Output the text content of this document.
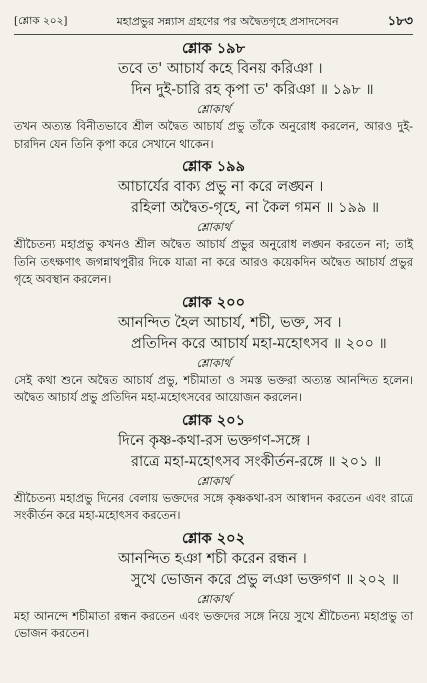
[শ্লোক ২০২]	মহাপ্রভুর সন্ন্যাস গ্রহণের পর অদ্বৈতগৃহে প্রসাদসেবন	১৮৩
শ্লোক ১৯৮
তবে ত' আচার্য কহে বিনয় করিঞা ।
দিন দুই-চারি রহ কৃপা ত' করিঞা ॥ ১৯৮ ॥
শ্লোকার্থ
তখন অত্যন্ত বিনীতভাবে শ্রীল অদ্বৈত আচার্য প্রভু তাঁকে অনুরোধ করলেন, আরও দুই-চারদিন যেন তিনি কৃপা করে সেখানে থাকেন।
শ্লোক ১৯৯
আচার্যের বাক্য প্রভু না করে লঙ্ঘন ।
রহিলা অদ্বৈত-গৃহে, না কৈল গমন ॥ ১৯৯ ॥
শ্লোকার্থ
শ্রীচৈতন্য মহাপ্রভু কখনও শ্রীল অদ্বৈত আচার্য প্রভুর অনুরোধ লঙ্ঘন করতেন না; তাই তিনি তৎক্ষণাৎ জগন্নাথপুরীর দিকে যাত্রা না করে আরও কয়েকদিন অদ্বৈত আচার্য প্রভুর গৃহে অবস্থান করলেন।
শ্লোক ২০০
আনন্দিত হৈল আচার্য, শচী, ভক্ত, সব ।
প্রতিদিন করে আচার্য মহা-মহোৎসব ॥ ২০০ ॥
শ্লোকার্থ
সেই কথা শুনে অদ্বৈত আচার্য প্রভু, শচীমাতা ও সমস্ত ভক্তরা অত্যন্ত আনন্দিত হলেন। অদ্বৈত আচার্য প্রভু প্রতিদিন মহা-মহোৎসবের আয়োজন করলেন।
শ্লোক ২০১
দিনে কৃষ্ণ-কথা-রস ভক্তগণ-সঙ্গে ।
রাত্রে মহা-মহোৎসব সংকীর্তন-রঙ্গে ॥ ২০১ ॥
শ্লোকার্থ
শ্রীচৈতন্য মহাপ্রভু দিনের বেলায় ভক্তদের সঙ্গে কৃষ্ণকথা-রস আস্বাদন করতেন এবং রাত্রে সংকীর্তন করে মহা-মহোৎসব করতেন।
শ্লোক ২০২
আনন্দিত হঞা শচী করেন রন্ধন ।
সুখে ভোজন করে প্রভু লঞা ভক্তগণ ॥ ২০২ ॥
শ্লোকার্থ
মহা আনন্দে শচীমাতা রন্ধন করতেন এবং ভক্তদের সঙ্গে নিয়ে সুখে শ্রীচৈতন্য মহাপ্রভু তা ভোজন করতেন।
